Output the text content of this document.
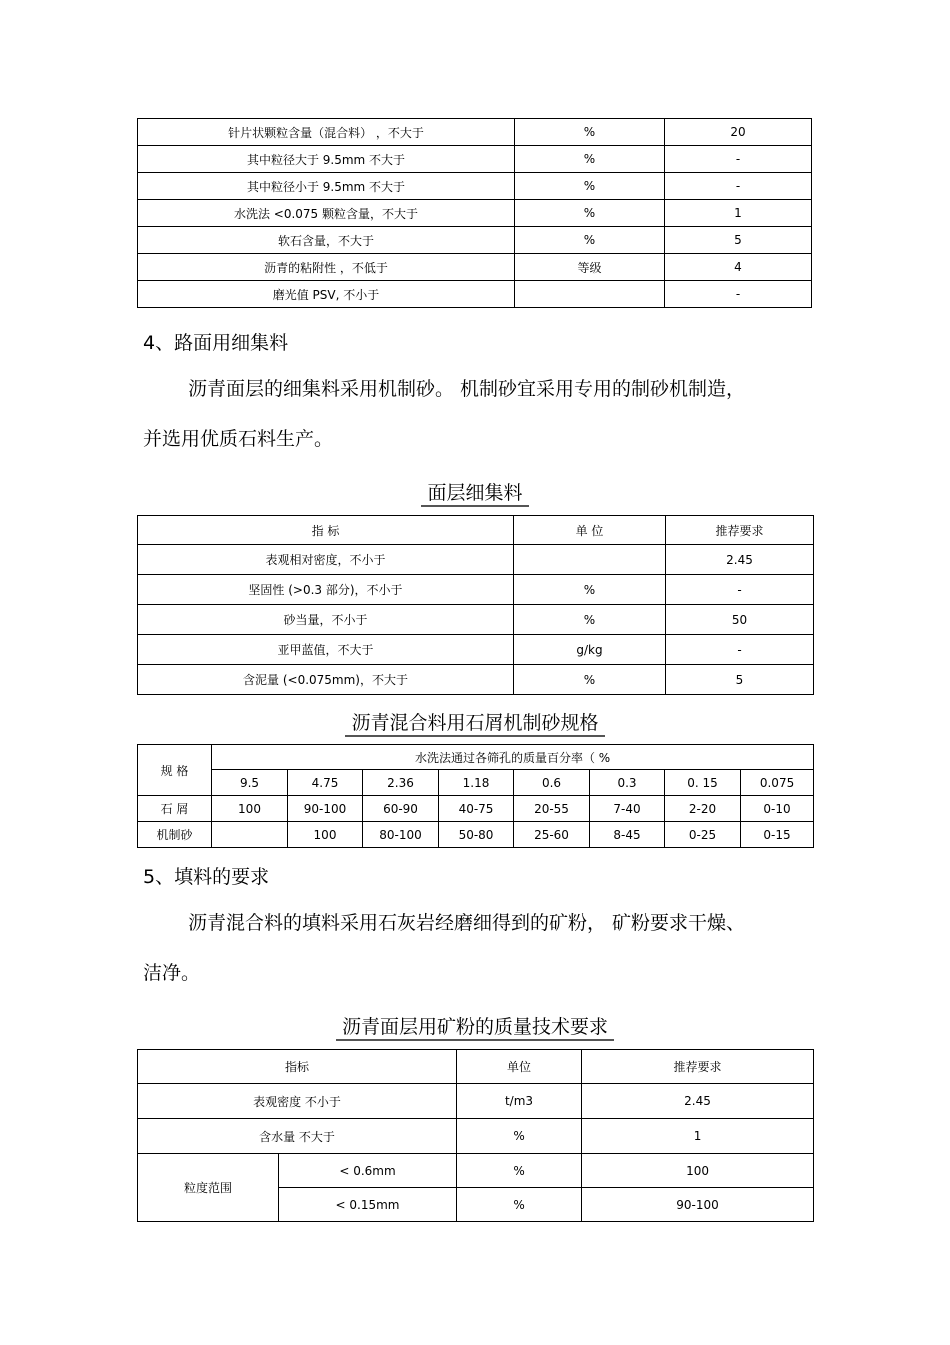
针片状颗粒含量（混合料） ，不大于	%	20
其中粒径大于 9.5mm 不大于	%	-
其中粒径小于 9.5mm 不大于	%	-
水洗法 <0.075 颗粒含量，不大于	%	1
软石含量，不大于	%	5
沥青的粘附性 ，不低于	等级	4
磨光值 PSV, 不小于		-
4、路面用细集料
沥青面层的细集料采用机制砂。 机制砂宜采用专用的制砂机制造，
并选用优质石料生产。
面层细集料
指 标	单 位	推荐要求
表观相对密度，不小于		2.45
坚固性 (>0.3 部分)，不小于	%	-
砂当量，不小于	%	50
亚甲蓝值，不大于	g/kg	-
含泥量 (<0.075mm)，不大于	%	5
沥青混合料用石屑机制砂规格
规 格	水洗法通过各筛孔的质量百分率（ %							
	9.5	4.75	2.36	1.18	0.6	0.3	0. 15	0.075
石 屑	100	90-100	60-90	40-75	20-55	7-40	2-20	0-10
机制砂		100	80-100	50-80	25-60	8-45	0-25	0-15
5、填料的要求
沥青混合料的填料采用石灰岩经磨细得到的矿粉， 矿粉要求干燥、
洁净。
沥青面层用矿粉的质量技术要求
指标		单位	推荐要求
表观密度 不小于		t/m3	2.45
含水量 不大于		%	1
粒度范围	< 0.6mm	%	100
	< 0.15mm	%	90-100
